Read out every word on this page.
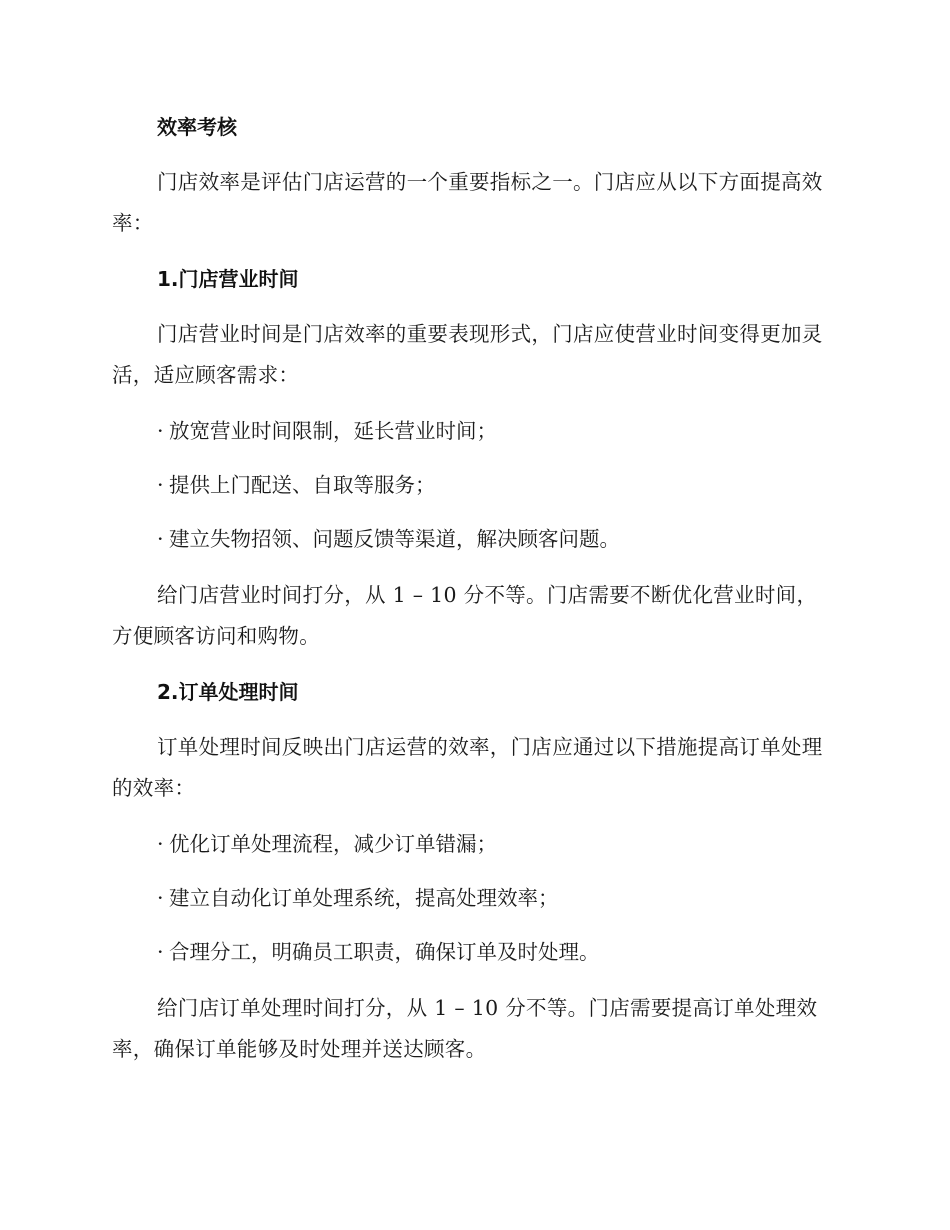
效率考核

门店效率是评估门店运营的一个重要指标之一。门店应从以下方面提高效率：

1.门店营业时间

门店营业时间是门店效率的重要表现形式，门店应使营业时间变得更加灵活，适应顾客需求：

· 放宽营业时间限制，延长营业时间；

· 提供上门配送、自取等服务；

· 建立失物招领、问题反馈等渠道，解决顾客问题。

给门店营业时间打分，从 1 – 10 分不等。门店需要不断优化营业时间，方便顾客访问和购物。

2.订单处理时间

订单处理时间反映出门店运营的效率，门店应通过以下措施提高订单处理的效率：

· 优化订单处理流程，减少订单错漏；

· 建立自动化订单处理系统，提高处理效率；

· 合理分工，明确员工职责，确保订单及时处理。

给门店订单处理时间打分，从 1 – 10 分不等。门店需要提高订单处理效率，确保订单能够及时处理并送达顾客。
